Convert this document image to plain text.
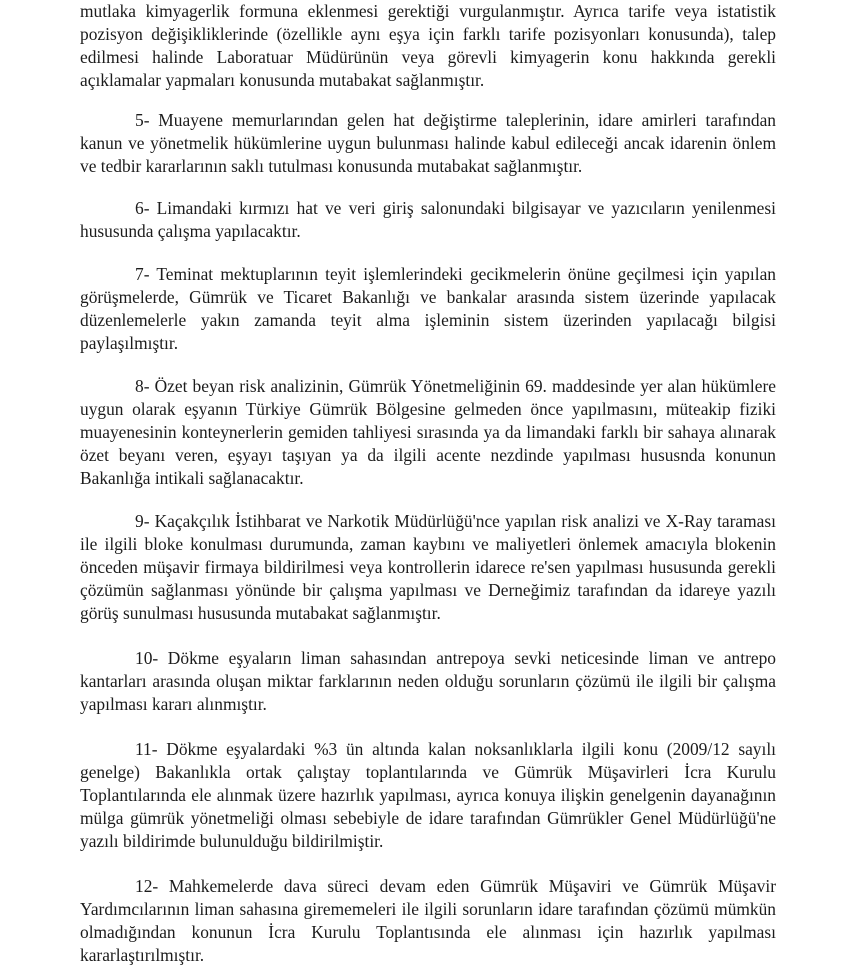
mutlaka kimyagerlik formuna eklenmesi gerektiği vurgulanmıştır. Ayrıca tarife veya istatistik pozisyon değişikliklerinde (özellikle aynı eşya için farklı tarife pozisyonları konusunda), talep edilmesi halinde Laboratuar Müdürünün veya görevli kimyagerin konu hakkında gerekli açıklamalar yapmaları konusunda mutabakat sağlanmıştır.

5- Muayene memurlarından gelen hat değiştirme taleplerinin, idare amirleri tarafından kanun ve yönetmelik hükümlerine uygun bulunması halinde kabul edileceği ancak idarenin önlem ve tedbir kararlarının saklı tutulması konusunda mutabakat sağlanmıştır.

6- Limandaki kırmızı hat ve veri giriş salonundaki bilgisayar ve yazıcıların yenilenmesi hususunda çalışma yapılacaktır.

7- Teminat mektuplarının teyit işlemlerindeki gecikmelerin önüne geçilmesi için yapılan görüşmelerde, Gümrük ve Ticaret Bakanlığı ve bankalar arasında sistem üzerinde yapılacak düzenlemelerle yakın zamanda teyit alma işleminin sistem üzerinden yapılacağı bilgisi paylaşılmıştır.

8- Özet beyan risk analizinin, Gümrük Yönetmeliğinin 69. maddesinde yer alan hükümlere uygun olarak eşyanın Türkiye Gümrük Bölgesine gelmeden önce yapılmasını, müteakip fiziki muayenesinin konteynerlerin gemiden tahliyesi sırasında ya da limandaki farklı bir sahaya alınarak özet beyanı veren, eşyayı taşıyan ya da ilgili acente nezdinde yapılması hususnda konunun Bakanlığa intikali sağlanacaktır.

9- Kaçakçılık İstihbarat ve Narkotik Müdürlüğü'nce yapılan risk analizi ve X-Ray taraması ile ilgili bloke konulması durumunda, zaman kaybını ve maliyetleri önlemek amacıyla blokenin önceden müşavir firmaya bildirilmesi veya kontrollerin idarece re'sen yapılması hususunda gerekli çözümün sağlanması yönünde bir çalışma yapılması ve Derneğimiz tarafından da idareye yazılı görüş sunulması hususunda mutabakat sağlanmıştır.

10- Dökme eşyaların liman sahasından antrepoya sevki neticesinde liman ve antrepo kantarları arasında oluşan miktar farklarının neden olduğu sorunların çözümü ile ilgili bir çalışma yapılması kararı alınmıştır.

11- Dökme eşyalardaki %3 ün altında kalan noksanlıklarla ilgili konu (2009/12 sayılı genelge) Bakanlıkla ortak çalıştay toplantılarında ve Gümrük Müşavirleri İcra Kurulu Toplantılarında ele alınmak üzere hazırlık yapılması, ayrıca konuya ilişkin genelgenin dayanağının mülga gümrük yönetmeliği olması sebebiyle de idare tarafından Gümrükler Genel Müdürlüğü'ne yazılı bildirimde bulunulduğu bildirilmiştir.

12- Mahkemelerde dava süreci devam eden Gümrük Müşaviri ve Gümrük Müşavir Yardımcılarının liman sahasına girememeleri ile ilgili sorunların idare tarafından çözümü mümkün olmadığından konunun İcra Kurulu Toplantısında ele alınması için hazırlık yapılması kararlaştırılmıştır.
